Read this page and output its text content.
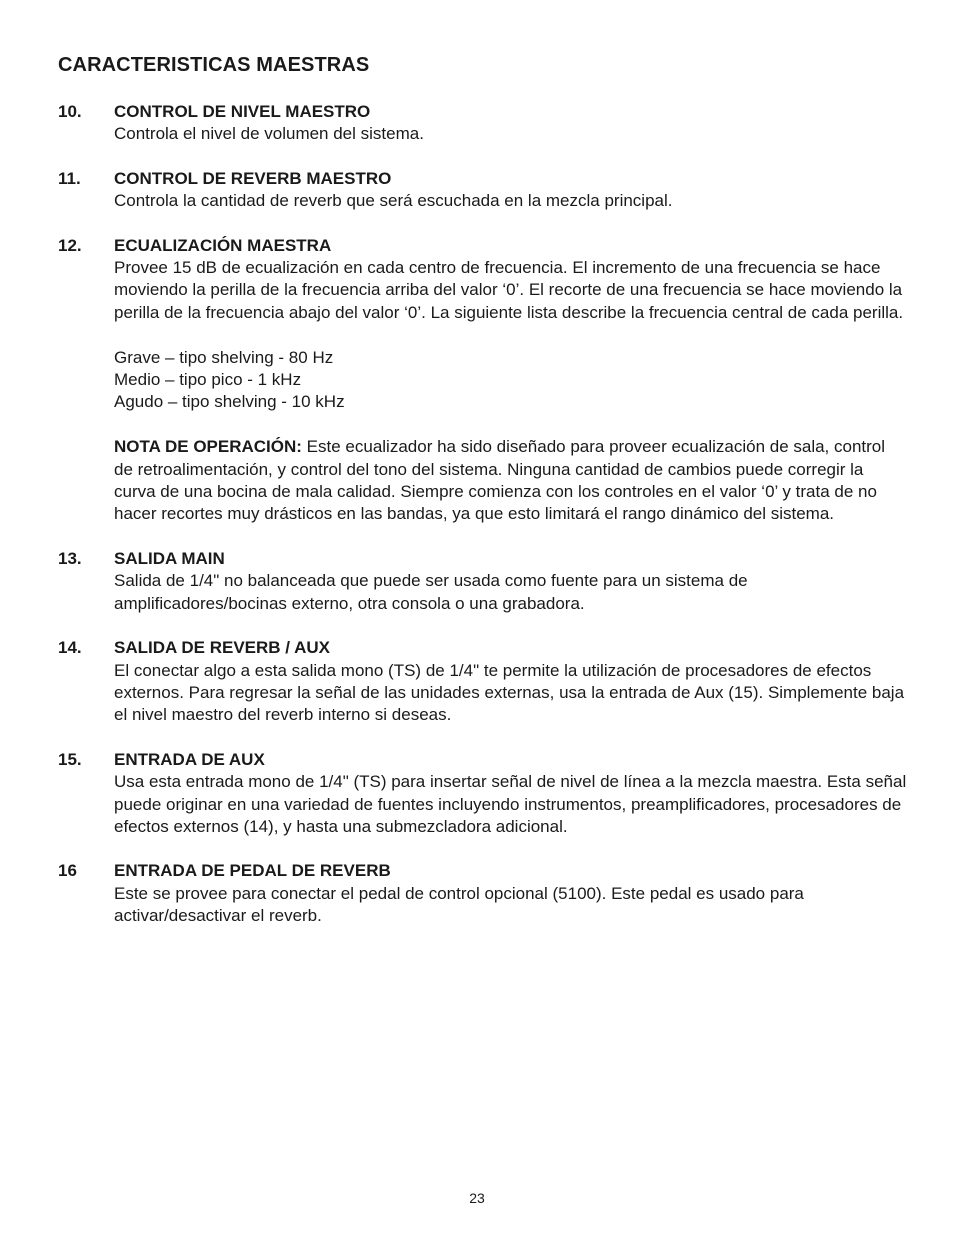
CARACTERISTICAS MAESTRAS
10. CONTROL DE NIVEL MAESTRO

Controla el nivel de volumen del sistema.

11. CONTROL DE REVERB MAESTRO

Controla la cantidad de reverb que será escuchada en la mezcla principal.

12. ECUALIZACIÓN MAESTRA

Provee 15 dB de ecualización en cada centro de frecuencia. El incremento de una frecuencia se hace moviendo la perilla de la frecuencia arriba del valor ‘0’. El recorte de una frecuencia se hace moviendo la perilla de la frecuencia abajo del valor ‘0’. La siguiente lista describe la frecuencia central de cada perilla.

Grave – tipo shelving - 80 Hz
Medio – tipo pico - 1 kHz
Agudo – tipo shelving - 10 kHz

NOTA DE OPERACIÓN: Este ecualizador ha sido diseñado para proveer ecualización de sala, control de retroalimentación, y control del tono del sistema. Ninguna cantidad de cambios puede corregir la curva de una bocina de mala calidad. Siempre comienza con los controles en el valor ‘0’ y trata de no hacer recortes muy drásticos en las bandas, ya que esto limitará el rango dinámico del sistema.

13. SALIDA MAIN

Salida de 1/4" no balanceada que puede ser usada como fuente para un sistema de amplificadores/bocinas externo, otra consola o una grabadora.

14. SALIDA DE REVERB / AUX

El conectar algo a esta salida mono (TS) de 1/4" te permite la utilización de procesadores de efectos externos. Para regresar la señal de las unidades externas, usa la entrada de Aux (15). Simplemente baja el nivel maestro del reverb interno si deseas.

15. ENTRADA DE AUX

Usa esta entrada mono de 1/4" (TS) para insertar señal de nivel de línea a la mezcla maestra. Esta señal puede originar en una variedad de fuentes incluyendo instrumentos, preamplificadores, procesadores de efectos externos (14), y hasta una submezcladora adicional.

16 ENTRADA DE PEDAL DE REVERB

Este se provee para conectar el pedal de control opcional (5100). Este pedal es usado para activar/desactivar el reverb.

23
